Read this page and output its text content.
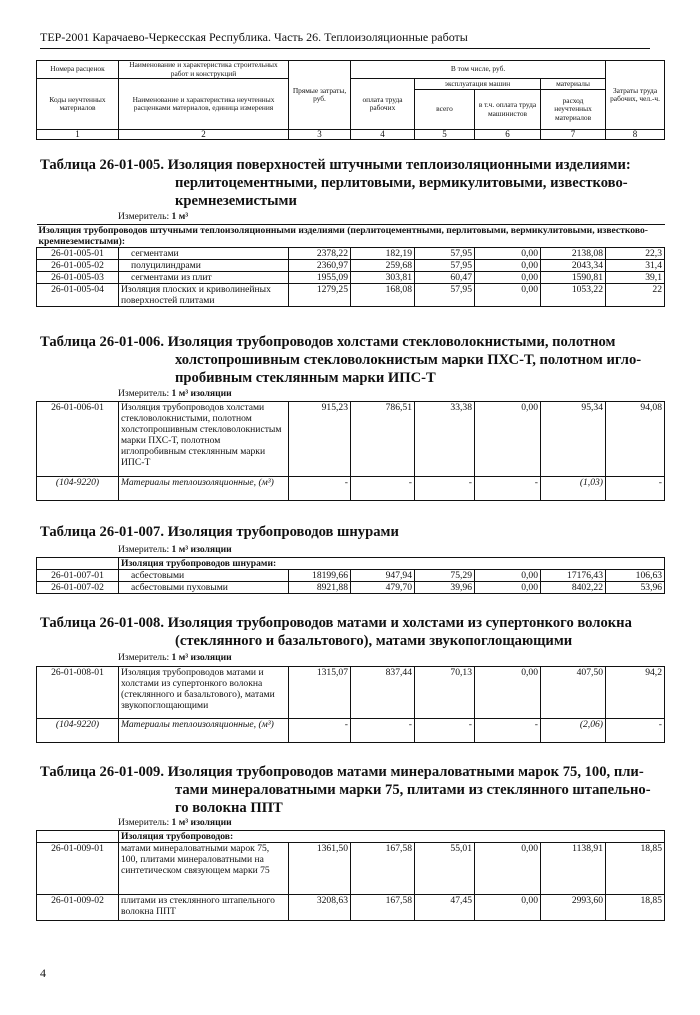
ТЕР-2001 Карачаево-Черкесская Республика. Часть 26. Теплоизоляционные работы
Номера расценок	Наименование и характеристика строительных работ и конструкций	Прямые затраты, руб.	В том числе, руб.				Затраты труда рабочих, чел.-ч.
Коды неучтенных материалов	Наименование и характеристика неучтенных расценками материалов, единица измерения		оплата труда рабочих	эксплуатация машин		материалы	
				всего	в т.ч. оплата труда машинистов	расход неучтенных материалов	

1	2	3	4	5	6	7	8
Таблица 26-01-005. Изоляция поверхностей штучными теплоизоляционными изделиями:
перлитоцементными, перлитовыми, вермикулитовыми, известково-
кремнеземистыми
Измеритель: 1 м³
Изоляция трубопроводов штучными теплоизоляционными изделиями (перлитоцементными, перлитовыми, вермикулитовыми, известково-кремнеземистыми):							
26-01-005-01	сегментами	2378,22	182,19	57,95	0,00	2138,08	22,3
26-01-005-02	полуцилиндрами	2360,97	259,68	57,95	0,00	2043,34	31,4
26-01-005-03	сегментами из плит	1955,09	303,81	60,47	0,00	1590,81	39,1
26-01-005-04	Изоляция плоских и криволинейных поверхностей плитами	1279,25	168,08	57,95	0,00	1053,22	22
Таблица 26-01-006. Изоляция трубопроводов холстами стекловолокнистыми, полотном
холстопрошивным стекловолокнистым марки ПХС-Т, полотном игло-
пробивным стеклянным марки ИПС-Т
Измеритель: 1 м³ изоляции
26-01-006-01	Изоляция трубопроводов холстами стекловолокнистыми, полотном холстопрошивным стекловолокнистым марки ПХС-Т, полотном иглопробивным стеклянным марки ИПС-Т	915,23	786,51	33,38	0,00	95,34	94,08
(104-9220)	Материалы теплоизоляционные, (м³)	-	-	-	-	(1,03)	-
Таблица 26-01-007. Изоляция трубопроводов шнурами
Измеритель: 1 м³ изоляции
	Изоляция трубопроводов шнурами:						
26-01-007-01	асбестовыми	18199,66	947,94	75,29	0,00	17176,43	106,63
26-01-007-02	асбестовыми пуховыми	8921,88	479,70	39,96	0,00	8402,22	53,96
Таблица 26-01-008. Изоляция трубопроводов матами и холстами из супертонкого волокна
(стеклянного и базальтового), матами звукопоглощающими
Измеритель: 1 м³ изоляции
26-01-008-01	Изоляция трубопроводов матами и холстами из супертонкого волокна (стеклянного и базальтового), матами звукопоглощающими	1315,07	837,44	70,13	0,00	407,50	94,2
(104-9220)	Материалы теплоизоляционные, (м³)	-	-	-	-	(2,06)	-
Таблица 26-01-009. Изоляция трубопроводов матами минераловатными марок 75, 100, пли-
тами минераловатными марки 75, плитами из стеклянного штапельно-
го волокна ППТ
Измеритель: 1 м³ изоляции
	Изоляция трубопроводов:						
26-01-009-01	матами минераловатными марок 75, 100, плитами минераловатными на синтетическом связующем марки 75	1361,50	167,58	55,01	0,00	1138,91	18,85
26-01-009-02	плитами из стеклянного штапельного волокна ППТ	3208,63	167,58	47,45	0,00	2993,60	18,85
4
